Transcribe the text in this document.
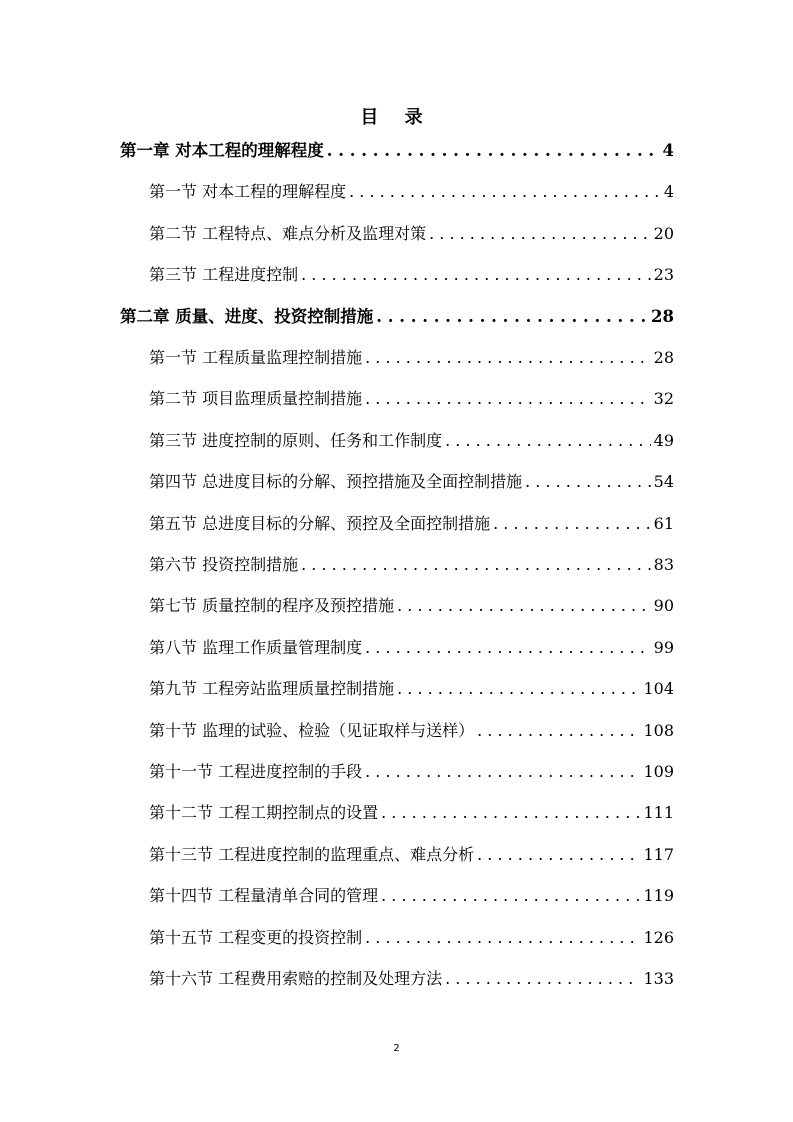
目 录
第一章 对本工程的理解程度 . . .	4
第一节 对本工程的理解程度 . . .	4
第二节 工程特点、难点分析及监理对策 . . .	20
第三节 工程进度控制 . . .	23
第二章 质量、进度、投资控制措施 . . .	28
第一节 工程质量监理控制措施 . . .	28
第二节 项目监理质量控制措施 . . .	32
第三节 进度控制的原则、任务和工作制度 . . .	49
第四节 总进度目标的分解、预控措施及全面控制措施 . . .	54
第五节 总进度目标的分解、预控及全面控制措施 . . .	61
第六节 投资控制措施 . . .	83
第七节 质量控制的程序及预控措施 . . .	90
第八节 监理工作质量管理制度 . . .	99
第九节 工程旁站监理质量控制措施 . . .	104
第十节 监理的试验、检验（见证取样与送样） . . .	108
第十一节 工程进度控制的手段 . . .	109
第十二节 工程工期控制点的设置 . . .	111
第十三节 工程进度控制的监理重点、难点分析 . . .	117
第十四节 工程量清单合同的管理 . . .	119
第十五节 工程变更的投资控制 . . .	126
第十六节 工程费用索赔的控制及处理方法 . . .	133
2
